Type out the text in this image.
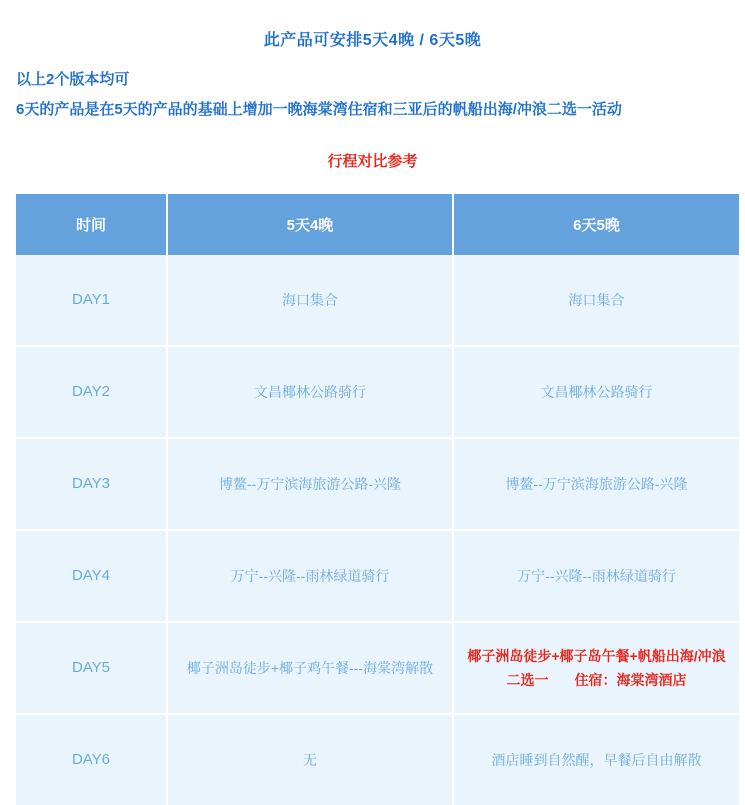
此产品可安排5天4晚 / 6天5晚
以上2个版本均可
6天的产品是在5天的产品的基础上增加一晚海棠湾住宿和三亚后的帆船出海/冲浪二选一活动
行程对比参考
时间	5天4晚	6天5晚
DAY1	海口集合	海口集合
DAY2	文昌椰林公路骑行	文昌椰林公路骑行
DAY3	博鳌--万宁滨海旅游公路-兴隆	博鳌--万宁滨海旅游公路-兴隆
DAY4	万宁--兴隆--雨林绿道骑行	万宁--兴隆--雨林绿道骑行
DAY5	椰子洲岛徒步+椰子鸡午餐---海棠湾解散	椰子洲岛徒步+椰子岛午餐+帆船出海/冲浪二选一 住宿：海棠湾酒店
DAY6	无	酒店睡到自然醒，早餐后自由解散
